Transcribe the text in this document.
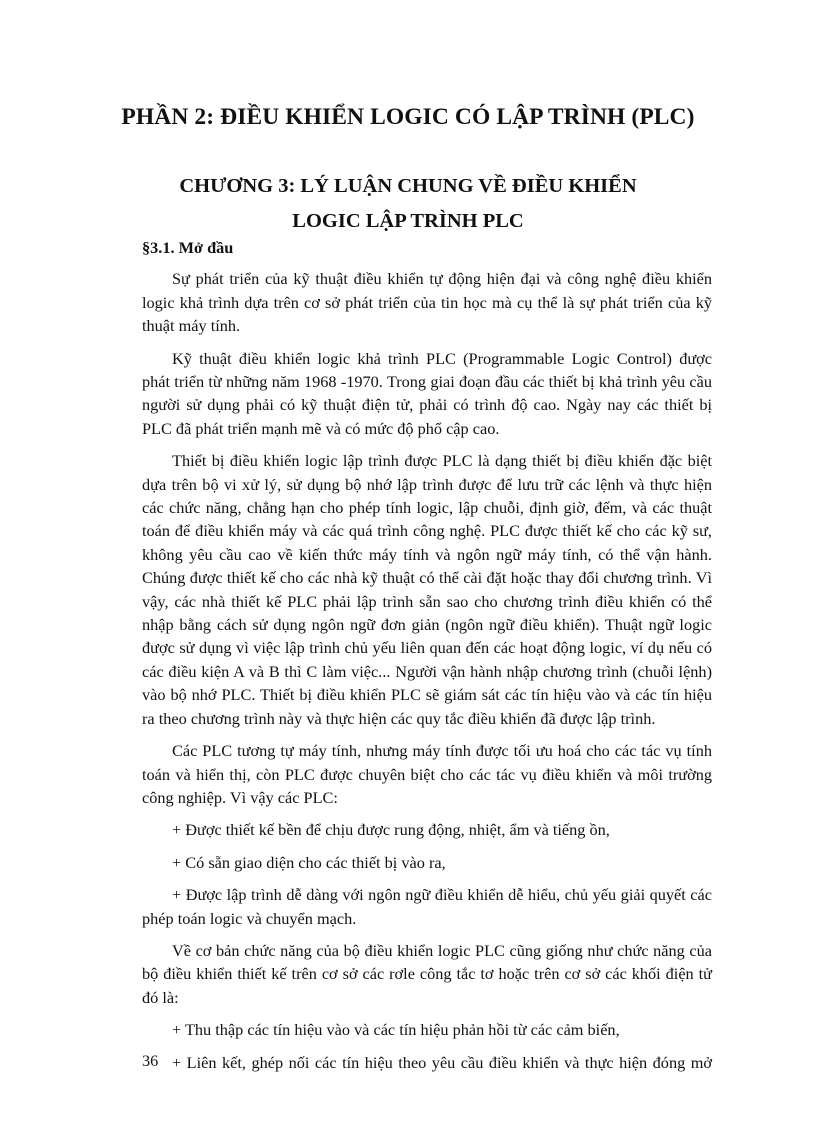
PHẦN 2: ĐIỀU KHIỂN LOGIC CÓ LẬP TRÌNH (PLC)
CHƯƠNG 3: LÝ LUẬN CHUNG VỀ ĐIỀU KHIỂN
LOGIC LẬP TRÌNH PLC
§3.1. Mở đầu
Sự phát triển của kỹ thuật điều khiển tự động hiện đại và công nghệ điều khiển
logic khả trình dựa trên cơ sở phát triển của tin học mà cụ thể là sự phát triển của kỹ
thuật máy tính.
Kỹ thuật điều khiển logic khả trình PLC (Programmable Logic Control) được
phát triển từ những năm 1968 -1970. Trong giai đoạn đầu các thiết bị khả trình yêu cầu
người sử dụng phải có kỹ thuật điện tử, phải có trình độ cao. Ngày nay các thiết bị
PLC đã phát triển mạnh mẽ và có mức độ phổ cập cao.
Thiết bị điều khiển logic lập trình được PLC là dạng thiết bị điều khiển đặc biệt
dựa trên bộ vi xử lý, sử dụng bộ nhớ lập trình được để lưu trữ các lệnh và thực hiện
các chức năng, chẳng hạn cho phép tính logic, lập chuỗi, định giờ, đếm, và các thuật
toán để điều khiển máy và các quá trình công nghệ. PLC được thiết kế cho các kỹ sư,
không yêu cầu cao về kiến thức máy tính và ngôn ngữ máy tính, có thể vận hành.
Chúng được thiết kế cho các nhà kỹ thuật có thể cài đặt hoặc thay đổi chương trình. Vì
vậy, các nhà thiết kế PLC phải lập trình sẵn sao cho chương trình điều khiển có thể
nhập bằng cách sử dụng ngôn ngữ đơn giản (ngôn ngữ điều khiển). Thuật ngữ logic
được sử dụng vì việc lập trình chủ yếu liên quan đến các hoạt động logic, ví dụ nếu có
các điều kiện A và B thì C làm việc... Người vận hành nhập chương trình (chuỗi lệnh)
vào bộ nhớ PLC. Thiết bị điều khiển PLC sẽ giám sát các tín hiệu vào và các tín hiệu
ra theo chương trình này và thực hiện các quy tắc điều khiển đã được lập trình.
Các PLC tương tự máy tính, nhưng máy tính được tối ưu hoá cho các tác vụ tính
toán và hiển thị, còn PLC được chuyên biệt cho các tác vụ điều khiển và môi trường
công nghiệp. Vì vậy các PLC:
+ Được thiết kế bền để chịu được rung động, nhiệt, ẩm và tiếng ồn,
+ Có sẵn giao diện cho các thiết bị vào ra,
+ Được lập trình dễ dàng với ngôn ngữ điều khiển dễ hiểu, chủ yếu giải quyết các
phép toán logic và chuyển mạch.
Về cơ bản chức năng của bộ điều khiển logic PLC cũng giống như chức năng của
bộ điều khiển thiết kế trên cơ sở các rơle công tắc tơ hoặc trên cơ sở các khối điện tử
đó là:
+ Thu thập các tín hiệu vào và các tín hiệu phản hồi từ các cảm biến,
+ Liên kết, ghép nối các tín hiệu theo yêu cầu điều khiển và thực hiện đóng mở
36
